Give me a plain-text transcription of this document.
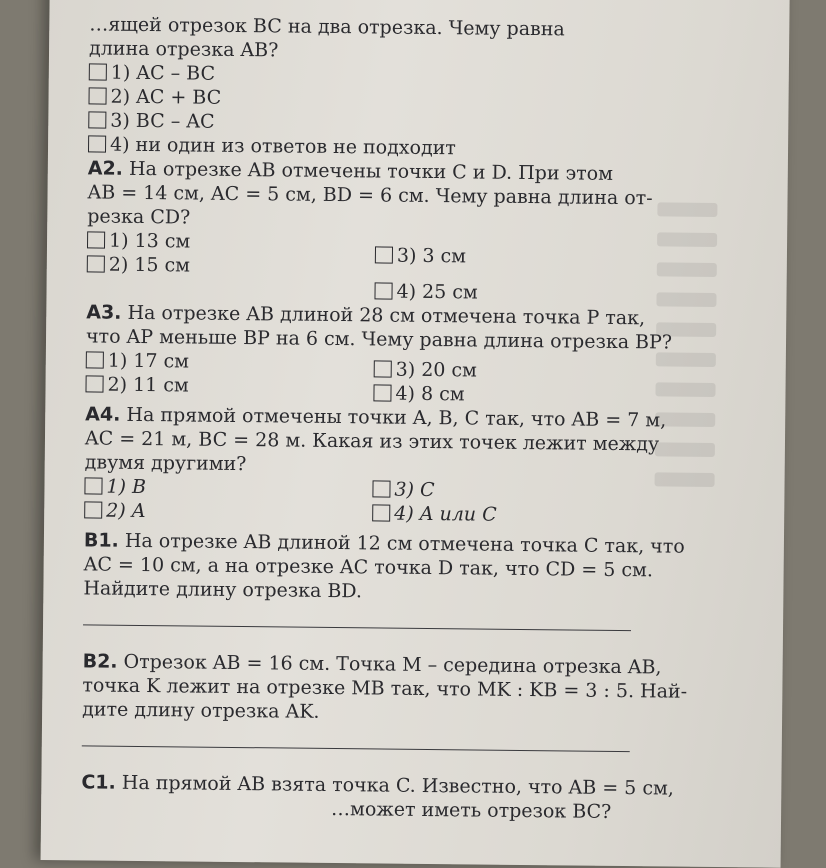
…ящей отрезок BC на два отрезка. Чему равна
длина отрезка AB?
1) AC – BC
2) AC + BC
3) BC – AC
4) ни один из ответов не подходит
A2. На отрезке AB отмечены точки C и D. При этом
AB = 14 см, AC = 5 см, BD = 6 см. Чему равна длина от-
резка CD?
1) 13 см
2) 15 см	3) 3 см
4) 25 см
A3. На отрезке AB длиной 28 см отмечена точка P так,
что AP меньше BP на 6 см. Чему равна длина отрезка BP?
1) 17 см	3) 20 см
2) 11 см	4) 8 см
A4. На прямой отмечены точки A, B, C так, что AB = 7 м,
AC = 21 м, BC = 28 м. Какая из этих точек лежит между
двумя другими?
1) B	3) C
2) A	4) A или C
B1. На отрезке AB длиной 12 см отмечена точка C так, что
AC = 10 см, а на отрезке AC точка D так, что CD = 5 см.
Найдите длину отрезка BD.
B2. Отрезок AB = 16 см. Точка M – середина отрезка AB,
точка K лежит на отрезке MB так, что MK : KB = 3 : 5. Най-
дите длину отрезка AK.
C1. На прямой AB взята точка C. Известно, что AB = 5 см,
…может иметь отрезок BC?
